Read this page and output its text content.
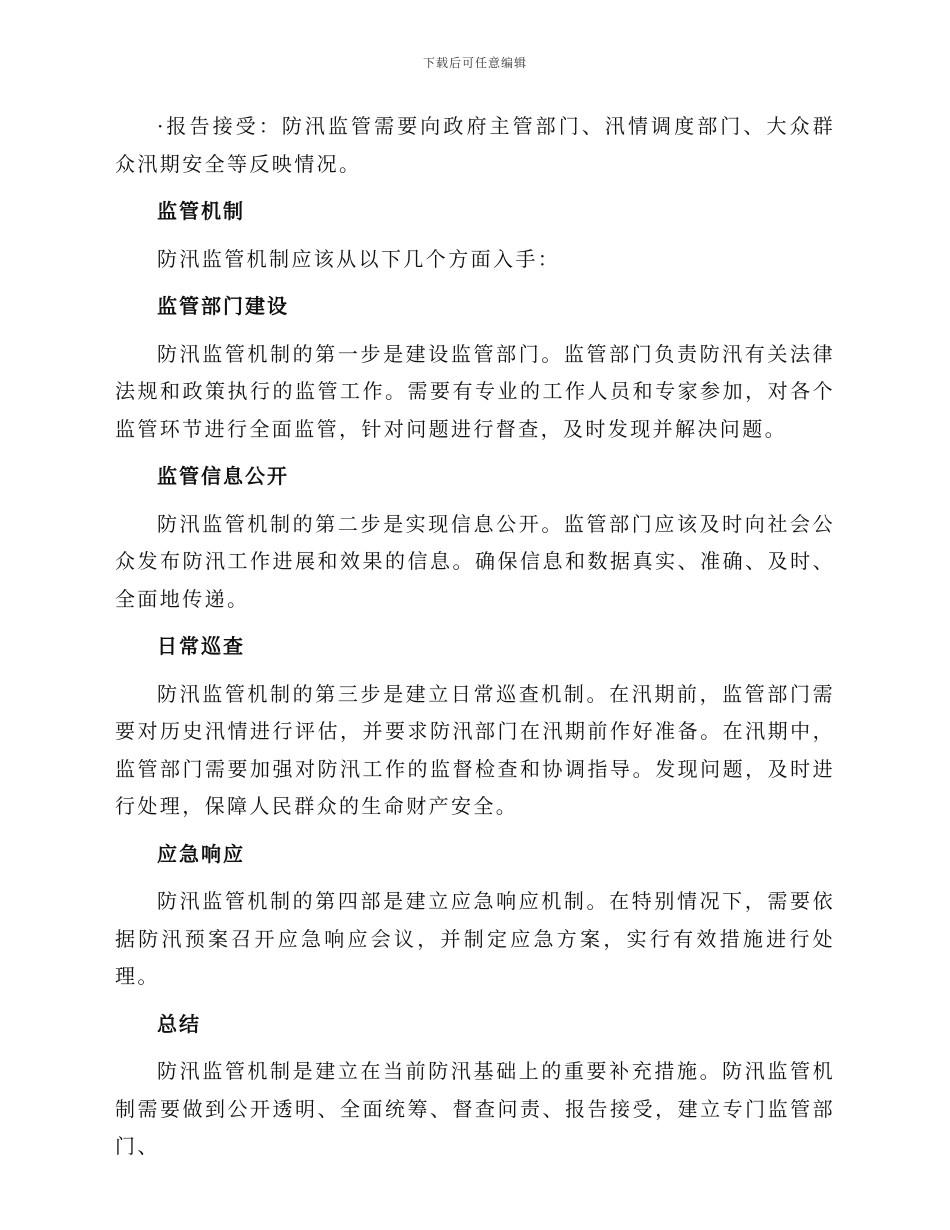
下载后可任意编辑

·报告接受：防汛监管需要向政府主管部门、汛情调度部门、大众群众汛期安全等反映情况。

监管机制

防汛监管机制应该从以下几个方面入手：

监管部门建设

防汛监管机制的第一步是建设监管部门。监管部门负责防汛有关法律法规和政策执行的监管工作。需要有专业的工作人员和专家参加，对各个监管环节进行全面监管，针对问题进行督查，及时发现并解决问题。

监管信息公开

防汛监管机制的第二步是实现信息公开。监管部门应该及时向社会公众发布防汛工作进展和效果的信息。确保信息和数据真实、准确、及时、全面地传递。

日常巡查

防汛监管机制的第三步是建立日常巡查机制。在汛期前，监管部门需要对历史汛情进行评估，并要求防汛部门在汛期前作好准备。在汛期中，监管部门需要加强对防汛工作的监督检查和协调指导。发现问题，及时进行处理，保障人民群众的生命财产安全。

应急响应

防汛监管机制的第四部是建立应急响应机制。在特别情况下，需要依据防汛预案召开应急响应会议，并制定应急方案，实行有效措施进行处理。

总结

防汛监管机制是建立在当前防汛基础上的重要补充措施。防汛监管机制需要做到公开透明、全面统筹、督查问责、报告接受，建立专门监管部门、
